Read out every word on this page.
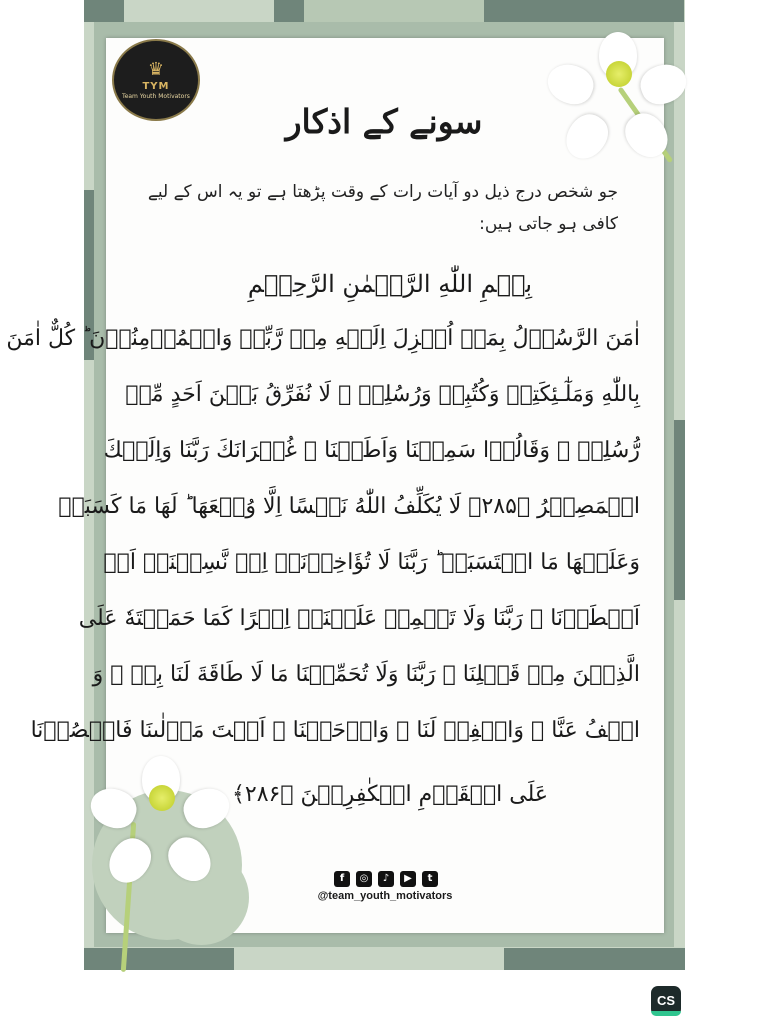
♛
TYM
Team Youth Motivators
سونے کے اذکار
جو شخص درج ذیل دو آیات رات کے وقت پڑھتا ہے تو یہ اس کے لیے کافی ہو جاتی ہیں:
بِسۡمِ اللّٰهِ الرَّحۡمٰنِ الرَّحِيۡمِ
اٰمَنَ الرَّسُوۡلُ بِمَاۤ اُنۡزِلَ اِلَيۡهِ مِنۡ رَّبِّهٖ وَالۡمُؤۡمِنُوۡنَ ؕ كُلٌّ اٰمَنَ
بِاللّٰهِ وَمَلٰٓـئِكَتِهٖ وَكُتُبِهٖ وَرُسُلِهٖ ۚ لَا نُفَرِّقُ بَيۡنَ اَحَدٍ مِّنۡ
رُّسُلِهٖ ۚ وَقَالُوۡا سَمِعۡنَا وَاَطَعۡنَا ۖ غُفۡرَانَكَ رَبَّنَا وَاِلَيۡكَ
الۡمَصِيۡرُ ﴿۲۸۵﴾ لَا يُكَلِّفُ اللّٰهُ نَفۡسًا اِلَّا وُسۡعَهَا ؕ لَهَا مَا كَسَبَتۡ
وَعَلَيۡهَا مَا اكۡتَسَبَتۡ ؕ رَبَّنَا لَا تُؤَاخِذۡنَاۤ اِنۡ نَّسِيۡنَاۤ اَوۡ
اَخۡطَاۡنَا ۚ رَبَّنَا وَلَا تَحۡمِلۡ عَلَيۡنَاۤ اِصۡرًا كَمَا حَمَلۡتَهٗ عَلَى
الَّذِيۡنَ مِنۡ قَبۡلِنَا ۚ رَبَّنَا وَلَا تُحَمِّلۡنَا مَا لَا طَاقَةَ لَنَا بِهٖ ۚ وَ
اعۡفُ عَنَّا ۗ وَاغۡفِرۡ لَنَا ۗ وَارۡحَمۡنَا ۗ اَنۡتَ مَوۡلٰٮنَا فَانۡصُرۡنَا
عَلَى الۡقَوۡمِ الۡكٰفِرِيۡنَ ﴿۲۸۶﴾
f	◎	♪	▶	t
@team_youth_motivators
CS
